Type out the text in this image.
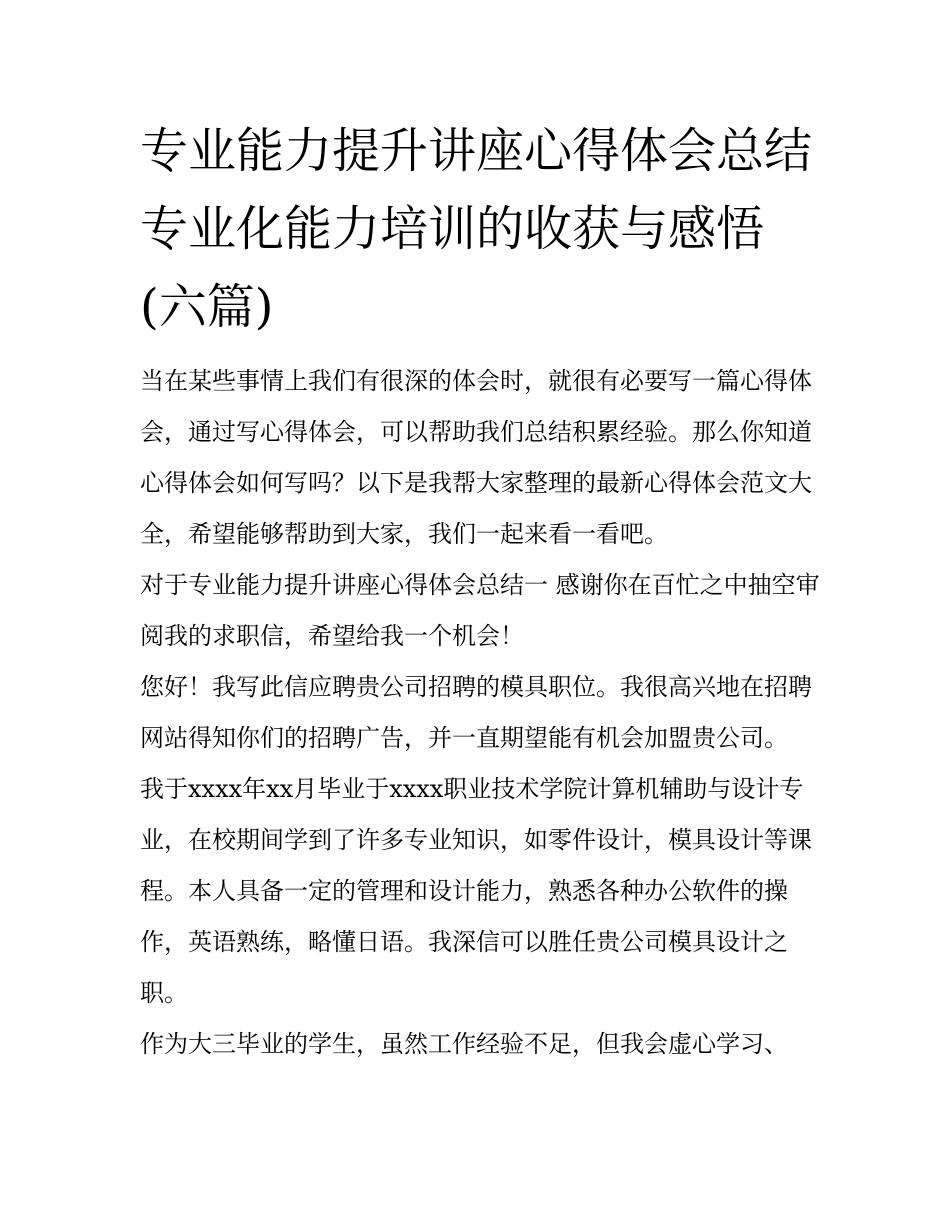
专业能力提升讲座心得体会总结 专业化能力培训的收获与感悟(六篇)

当在某些事情上我们有很深的体会时，就很有必要写一篇心得体会，通过写心得体会，可以帮助我们总结积累经验。那么你知道心得体会如何写吗？以下是我帮大家整理的最新心得体会范文大全，希望能够帮助到大家，我们一起来看一看吧。

对于专业能力提升讲座心得体会总结一 感谢你在百忙之中抽空审阅我的求职信，希望给我一个机会！

您好！我写此信应聘贵公司招聘的模具职位。我很高兴地在招聘网站得知你们的招聘广告，并一直期望能有机会加盟贵公司。

我于xxxx年xx月毕业于xxxx职业技术学院计算机辅助与设计专业，在校期间学到了许多专业知识，如零件设计，模具设计等课程。本人具备一定的管理和设计能力，熟悉各种办公软件的操作，英语熟练，略懂日语。我深信可以胜任贵公司模具设计之职。

作为大三毕业的学生，虽然工作经验不足，但我会虚心学习、
